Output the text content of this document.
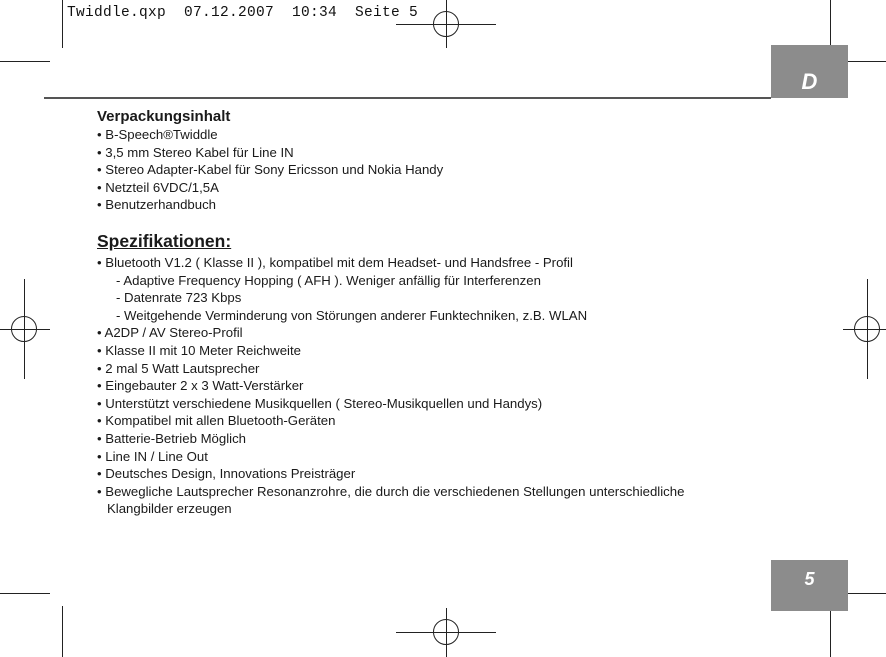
Twiddle.qxp  07.12.2007  10:34  Seite 5
D
5
Verpackungsinhalt
• B-Speech®Twiddle
• 3,5 mm Stereo Kabel für Line IN
• Stereo Adapter-Kabel für Sony Ericsson und Nokia Handy
• Netzteil 6VDC/1,5A
• Benutzerhandbuch
Spezifikationen:
• Bluetooth V1.2 ( Klasse II ), kompatibel mit dem Headset- und Handsfree - Profil
- Adaptive Frequency Hopping ( AFH ). Weniger anfällig für Interferenzen
- Datenrate 723 Kbps
- Weitgehende Verminderung von Störungen anderer Funktechniken, z.B. WLAN
• A2DP / AV Stereo-Profil
• Klasse II mit 10 Meter Reichweite
• 2 mal 5 Watt Lautsprecher
• Eingebauter 2 x 3 Watt-Verstärker
• Unterstützt verschiedene Musikquellen ( Stereo-Musikquellen und Handys)
• Kompatibel mit allen Bluetooth-Geräten
• Batterie-Betrieb Möglich
• Line IN / Line Out
• Deutsches Design, Innovations Preisträger
• Bewegliche Lautsprecher Resonanzrohre, die durch die verschiedenen Stellungen unterschiedliche
Klangbilder erzeugen
